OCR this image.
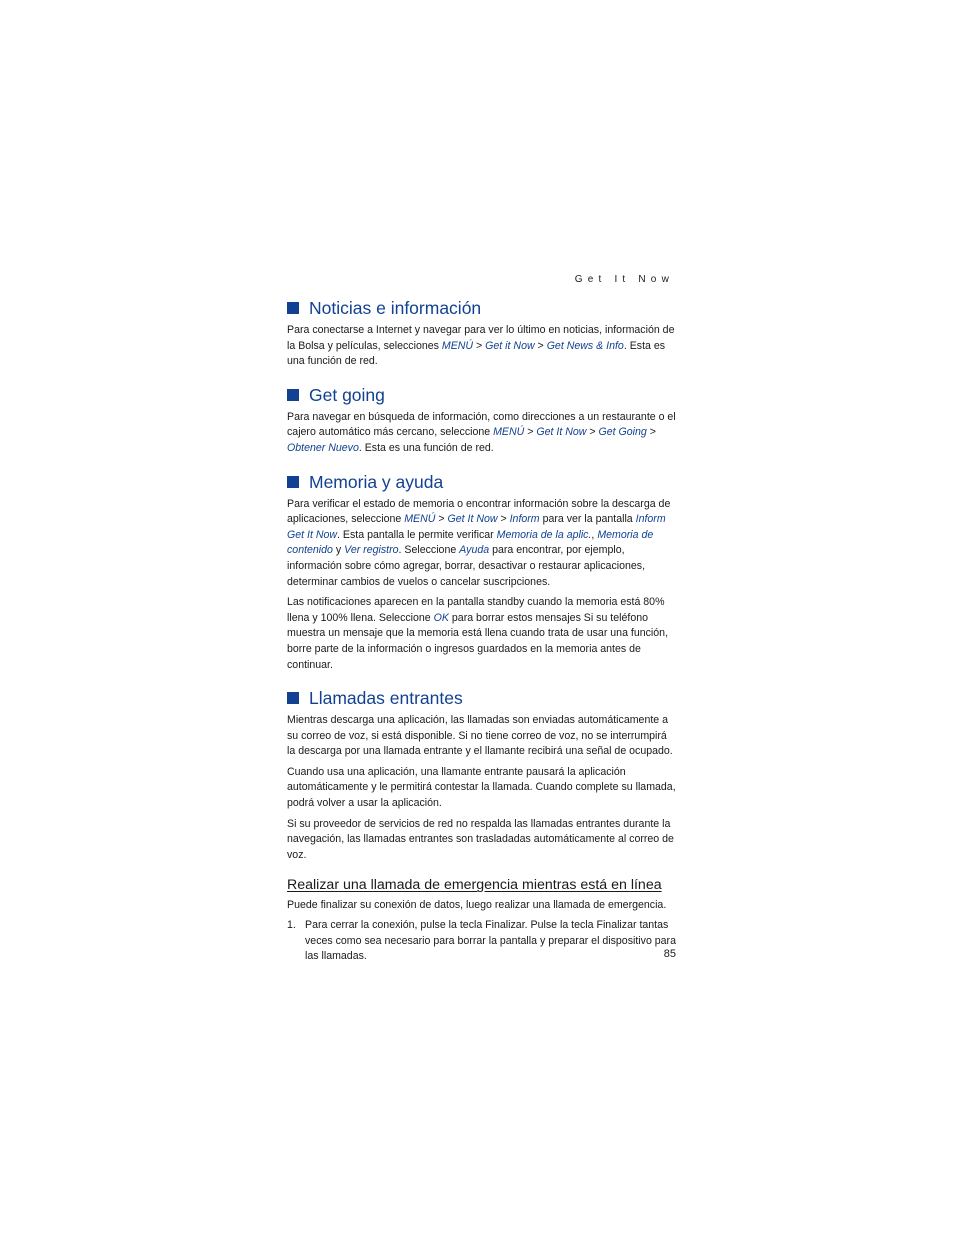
Get It Now
Noticias e información

Para conectarse a Internet y navegar para ver lo último en noticias, información de la Bolsa y películas, selecciones MENÚ > Get it Now > Get News & Info. Esta es una función de red.

Get going

Para navegar en búsqueda de información, como direcciones a un restaurante o el cajero automático más cercano, seleccione MENÚ > Get It Now > Get Going > Obtener Nuevo. Esta es una función de red.

Memoria y ayuda

Para verificar el estado de memoria o encontrar información sobre la descarga de aplicaciones, seleccione MENÚ > Get It Now > Inform para ver la pantalla Inform Get It Now. Esta pantalla le permite verificar Memoria de la aplic., Memoria de contenido y Ver registro. Seleccione Ayuda para encontrar, por ejemplo, información sobre cómo agregar, borrar, desactivar o restaurar aplicaciones, determinar cambios de vuelos o cancelar suscripciones.

Las notificaciones aparecen en la pantalla standby cuando la memoria está 80% llena y 100% llena. Seleccione OK para borrar estos mensajes Si su teléfono muestra un mensaje que la memoria está llena cuando trata de usar una función, borre parte de la información o ingresos guardados en la memoria antes de continuar.

Llamadas entrantes

Mientras descarga una aplicación, las llamadas son enviadas automáticamente a su correo de voz, si está disponible. Si no tiene correo de voz, no se interrumpirá la descarga por una llamada entrante y el llamante recibirá una señal de ocupado.

Cuando usa una aplicación, una llamante entrante pausará la aplicación automáticamente y le permitirá contestar la llamada. Cuando complete su llamada, podrá volver a usar la aplicación.

Si su proveedor de servicios de red no respalda las llamadas entrantes durante la navegación, las llamadas entrantes son trasladadas automáticamente al correo de voz.

Realizar una llamada de emergencia mientras está en línea

Puede finalizar su conexión de datos, luego realizar una llamada de emergencia.

1. Para cerrar la conexión, pulse la tecla Finalizar. Pulse la tecla Finalizar tantas veces como sea necesario para borrar la pantalla y preparar el dispositivo para las llamadas.	85
